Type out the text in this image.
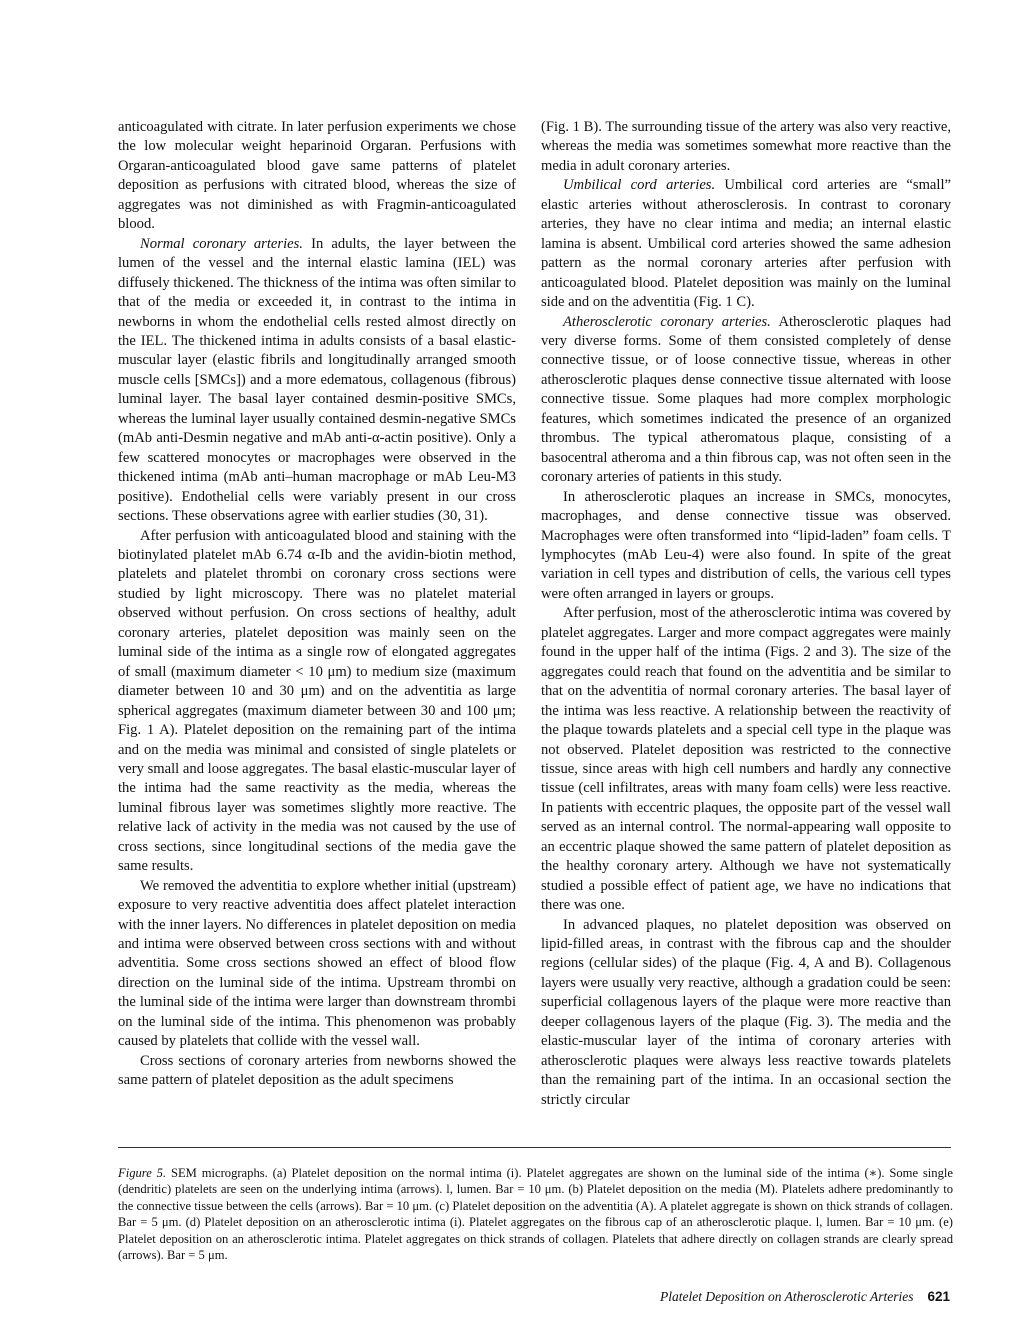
anticoagulated with citrate. In later perfusion experiments we chose the low molecular weight heparinoid Orgaran. Perfusions with Orgaran-anticoagulated blood gave same patterns of platelet deposition as perfusions with citrated blood, whereas the size of aggregates was not diminished as with Fragmin-anticoagulated blood.

Normal coronary arteries. In adults, the layer between the lumen of the vessel and the internal elastic lamina (IEL) was diffusely thickened. The thickness of the intima was often similar to that of the media or exceeded it, in contrast to the intima in newborns in whom the endothelial cells rested almost directly on the IEL. The thickened intima in adults consists of a basal elastic-muscular layer (elastic fibrils and longitudinally arranged smooth muscle cells [SMCs]) and a more edematous, collagenous (fibrous) luminal layer. The basal layer contained desmin-positive SMCs, whereas the luminal layer usually contained desmin-negative SMCs (mAb anti-Desmin negative and mAb anti-α-actin positive). Only a few scattered monocytes or macrophages were observed in the thickened intima (mAb anti–human macrophage or mAb Leu-M3 positive). Endothelial cells were variably present in our cross sections. These observations agree with earlier studies (30, 31).

After perfusion with anticoagulated blood and staining with the biotinylated platelet mAb 6.74 α-Ib and the avidin-biotin method, platelets and platelet thrombi on coronary cross sections were studied by light microscopy. There was no platelet material observed without perfusion. On cross sections of healthy, adult coronary arteries, platelet deposition was mainly seen on the luminal side of the intima as a single row of elongated aggregates of small (maximum diameter < 10 μm) to medium size (maximum diameter between 10 and 30 μm) and on the adventitia as large spherical aggregates (maximum diameter between 30 and 100 μm; Fig. 1 A). Platelet deposition on the remaining part of the intima and on the media was minimal and consisted of single platelets or very small and loose aggregates. The basal elastic-muscular layer of the intima had the same reactivity as the media, whereas the luminal fibrous layer was sometimes slightly more reactive. The relative lack of activity in the media was not caused by the use of cross sections, since longitudinal sections of the media gave the same results.

We removed the adventitia to explore whether initial (upstream) exposure to very reactive adventitia does affect platelet interaction with the inner layers. No differences in platelet deposition on media and intima were observed between cross sections with and without adventitia. Some cross sections showed an effect of blood flow direction on the luminal side of the intima. Upstream thrombi on the luminal side of the intima were larger than downstream thrombi on the luminal side of the intima. This phenomenon was probably caused by platelets that collide with the vessel wall.

Cross sections of coronary arteries from newborns showed the same pattern of platelet deposition as the adult specimens

(Fig. 1 B). The surrounding tissue of the artery was also very reactive, whereas the media was sometimes somewhat more reactive than the media in adult coronary arteries.

Umbilical cord arteries. Umbilical cord arteries are “small” elastic arteries without atherosclerosis. In contrast to coronary arteries, they have no clear intima and media; an internal elastic lamina is absent. Umbilical cord arteries showed the same adhesion pattern as the normal coronary arteries after perfusion with anticoagulated blood. Platelet deposition was mainly on the luminal side and on the adventitia (Fig. 1 C).

Atherosclerotic coronary arteries. Atherosclerotic plaques had very diverse forms. Some of them consisted completely of dense connective tissue, or of loose connective tissue, whereas in other atherosclerotic plaques dense connective tissue alternated with loose connective tissue. Some plaques had more complex morphologic features, which sometimes indicated the presence of an organized thrombus. The typical atheromatous plaque, consisting of a basocentral atheroma and a thin fibrous cap, was not often seen in the coronary arteries of patients in this study.

In atherosclerotic plaques an increase in SMCs, monocytes, macrophages, and dense connective tissue was observed. Macrophages were often transformed into “lipid-laden” foam cells. T lymphocytes (mAb Leu-4) were also found. In spite of the great variation in cell types and distribution of cells, the various cell types were often arranged in layers or groups.

After perfusion, most of the atherosclerotic intima was covered by platelet aggregates. Larger and more compact aggregates were mainly found in the upper half of the intima (Figs. 2 and 3). The size of the aggregates could reach that found on the adventitia and be similar to that on the adventitia of normal coronary arteries. The basal layer of the intima was less reactive. A relationship between the reactivity of the plaque towards platelets and a special cell type in the plaque was not observed. Platelet deposition was restricted to the connective tissue, since areas with high cell numbers and hardly any connective tissue (cell infiltrates, areas with many foam cells) were less reactive. In patients with eccentric plaques, the opposite part of the vessel wall served as an internal control. The normal-appearing wall opposite to an eccentric plaque showed the same pattern of platelet deposition as the healthy coronary artery. Although we have not systematically studied a possible effect of patient age, we have no indications that there was one.

In advanced plaques, no platelet deposition was observed on lipid-filled areas, in contrast with the fibrous cap and the shoulder regions (cellular sides) of the plaque (Fig. 4, A and B). Collagenous layers were usually very reactive, although a gradation could be seen: superficial collagenous layers of the plaque were more reactive than deeper collagenous layers of the plaque (Fig. 3). The media and the elastic-muscular layer of the intima of coronary arteries with atherosclerotic plaques were always less reactive towards platelets than the remaining part of the intima. In an occasional section the strictly circular

Figure 5. SEM micrographs. (a) Platelet deposition on the normal intima (i). Platelet aggregates are shown on the luminal side of the intima (∗). Some single (dendritic) platelets are seen on the underlying intima (arrows). l, lumen. Bar = 10 μm. (b) Platelet deposition on the media (M). Platelets adhere predominantly to the connective tissue between the cells (arrows). Bar = 10 μm. (c) Platelet deposition on the adventitia (A). A platelet aggregate is shown on thick strands of collagen. Bar = 5 μm. (d) Platelet deposition on an atherosclerotic intima (i). Platelet aggregates on the fibrous cap of an atherosclerotic plaque. l, lumen. Bar = 10 μm. (e) Platelet deposition on an atherosclerotic intima. Platelet aggregates on thick strands of collagen. Platelets that adhere directly on collagen strands are clearly spread (arrows). Bar = 5 μm.
Platelet Deposition on Atherosclerotic Arteries 621
